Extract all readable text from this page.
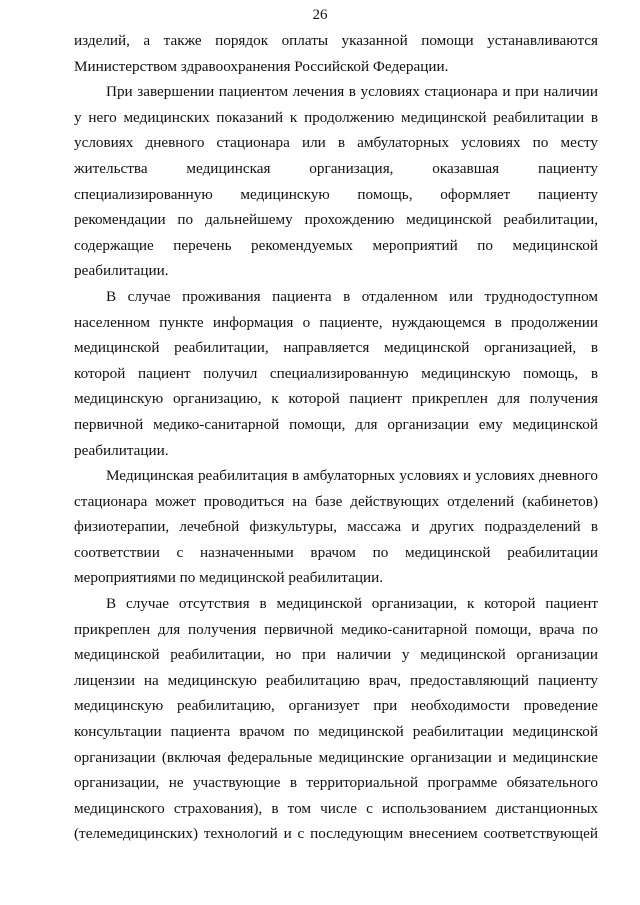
26
изделий, а также порядок оплаты указанной помощи устанавливаются
Министерством здравоохранения Российской Федерации.
При завершении пациентом лечения в условиях стационара и при наличии
у него медицинских показаний к продолжению медицинской реабилитации в
условиях дневного стационара или в амбулаторных условиях по месту
жительства медицинская организация, оказавшая пациенту
специализированную медицинскую помощь, оформляет пациенту
рекомендации по дальнейшему прохождению медицинской реабилитации,
содержащие перечень рекомендуемых мероприятий по медицинской
реабилитации.
В случае проживания пациента в отдаленном или труднодоступном
населенном пункте информация о пациенте, нуждающемся в продолжении
медицинской реабилитации, направляется медицинской организацией, в
которой пациент получил специализированную медицинскую помощь, в
медицинскую организацию, к которой пациент прикреплен для получения
первичной медико-санитарной помощи, для организации ему медицинской
реабилитации.
Медицинская реабилитация в амбулаторных условиях и условиях дневного
стационара может проводиться на базе действующих отделений (кабинетов)
физиотерапии, лечебной физкультуры, массажа и других подразделений в
соответствии с назначенными врачом по медицинской реабилитации
мероприятиями по медицинской реабилитации.
В случае отсутствия в медицинской организации, к которой пациент
прикреплен для получения первичной медико-санитарной помощи, врача по
медицинской реабилитации, но при наличии у медицинской организации
лицензии на медицинскую реабилитацию врач, предоставляющий пациенту
медицинскую реабилитацию, организует при необходимости проведение
консультации пациента врачом по медицинской реабилитации медицинской
организации (включая федеральные медицинские организации и медицинские
организации, не участвующие в территориальной программе обязательного
медицинского страхования), в том числе с использованием дистанционных
(телемедицинских) технологий и с последующим внесением соответствующей
